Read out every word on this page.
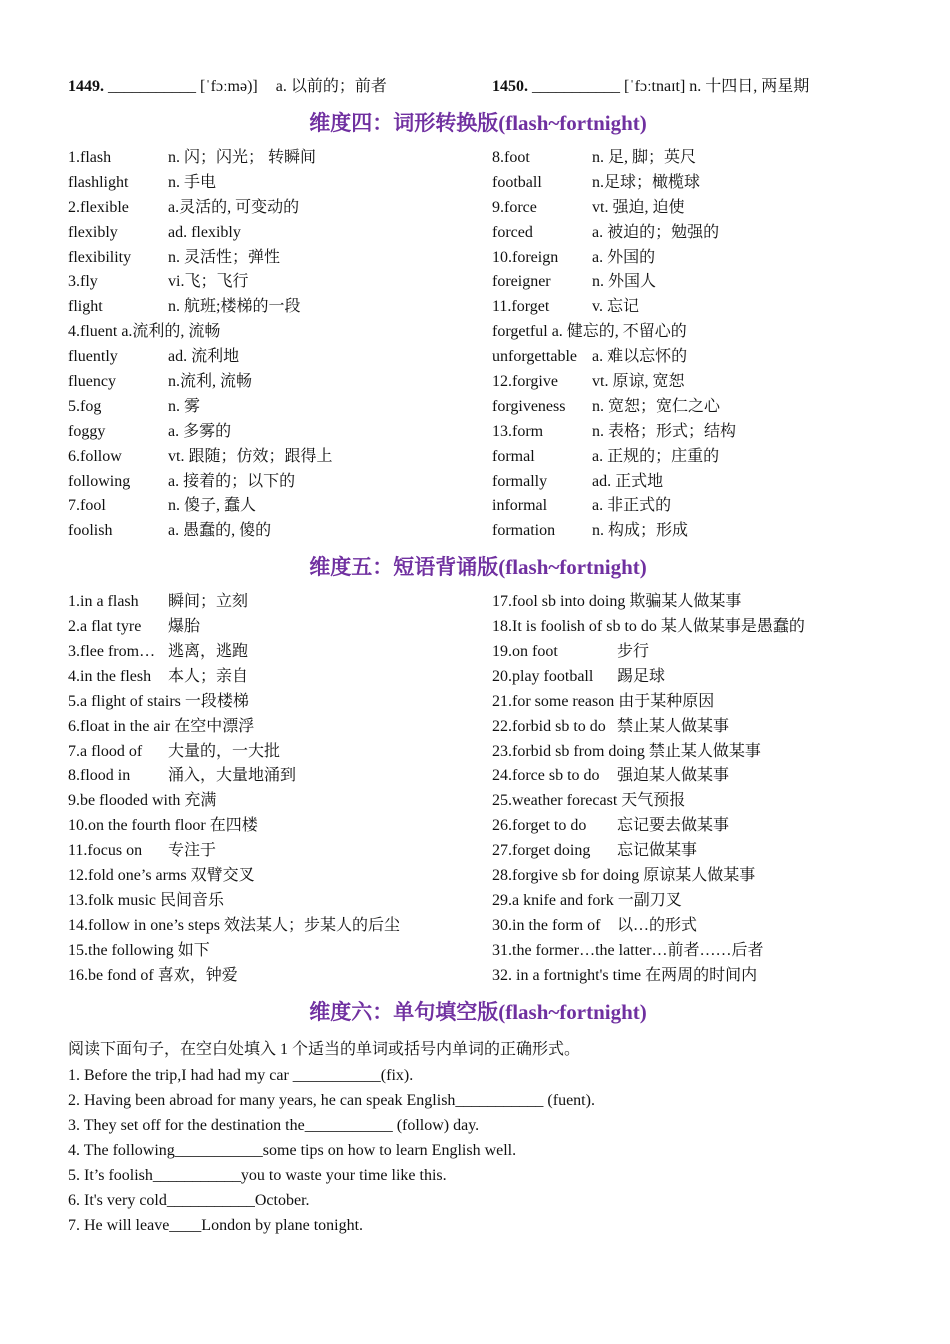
1449. ___________ [ˈfɔːmə)] a. 以前的；前者	1450. ___________ [ˈfɔːtnaɪt] n. 十四日, 两星期
维度四：词形转换版(flash~fortnight)
1.flash	n. 闪；闪光； 转瞬间
flashlight n. 手电
2.flexible a.灵活的, 可变动的
flexibly	ad. flexibly
flexibility n. 灵活性；弹性
3.fly	vi.飞；飞行
flight	n. 航班;楼梯的一段
4.fluent a.流利的, 流畅
fluently	ad. 流利地
fluency	n.流利, 流畅
5.fog	n. 雾
foggy	a. 多雾的
6.follow	vt. 跟随；仿效；跟得上
following a. 接着的；以下的
7.fool	n. 傻子, 蠢人
foolish	a. 愚蠢的, 傻的
8.foot	n. 足, 脚；英尺
football	n.足球；橄榄球
9.force	vt. 强迫, 迫使
forced	a. 被迫的；勉强的
10.foreign a. 外国的
foreigner	n. 外国人
11.forget	v. 忘记
forgetful a. 健忘的, 不留心的
unforgettable a. 难以忘怀的
12.forgive vt. 原谅, 宽恕
forgiveness n. 宽恕；宽仁之心
13.form	n. 表格；形式；结构
formal	a. 正规的；庄重的
formally	ad. 正式地
informal	a. 非正式的
formation n. 构成；形成
维度五：短语背诵版(flash~fortnight)
1.in a flash 瞬间；立刻
2.a flat tyre 爆胎
3.flee from… 逃离，逃跑
4.in the flesh 本人；亲自
5.a flight of stairs 一段楼梯
6.float in the air 在空中漂浮
7.a flood of 大量的，一大批
8.flood in 涌入，大量地涌到
9.be flooded with 充满
10.on the fourth floor 在四楼
11.focus on 专注于
12.fold one’s arms 双臂交叉
13.folk music 民间音乐
14.follow in one’s steps 效法某人；步某人的后尘
15.the following 如下
16.be fond of 喜欢，钟爱
17.fool sb into doing 欺骗某人做某事
18.It is foolish of sb to do 某人做某事是愚蠢的
19.on foot	步行
20.play football 踢足球
21.for some reason 由于某种原因
22.forbid sb to do 禁止某人做某事
23.forbid sb from doing 禁止某人做某事
24.force sb to do 强迫某人做某事
25.weather forecast 天气预报
26.forget to do 忘记要去做某事
27.forget doing 忘记做某事
28.forgive sb for doing 原谅某人做某事
29.a knife and fork 一副刀叉
30.in the form of 以…的形式
31.the former…the latter…前者……后者
32. in a fortnight's time 在两周的时间内
维度六：单句填空版(flash~fortnight)
阅读下面句子，在空白处填入 1 个适当的单词或括号内单词的正确形式。
1. Before the trip,I had had my car ___________(fix).
2. Having been abroad for many years, he can speak English___________ (fuent).
3. They set off for the destination the___________ (follow) day.
4. The following___________some tips on how to learn English well.
5. It’s foolish___________you to waste your time like this.
6. It's very cold___________October.
7. He will leave____London by plane tonight.
